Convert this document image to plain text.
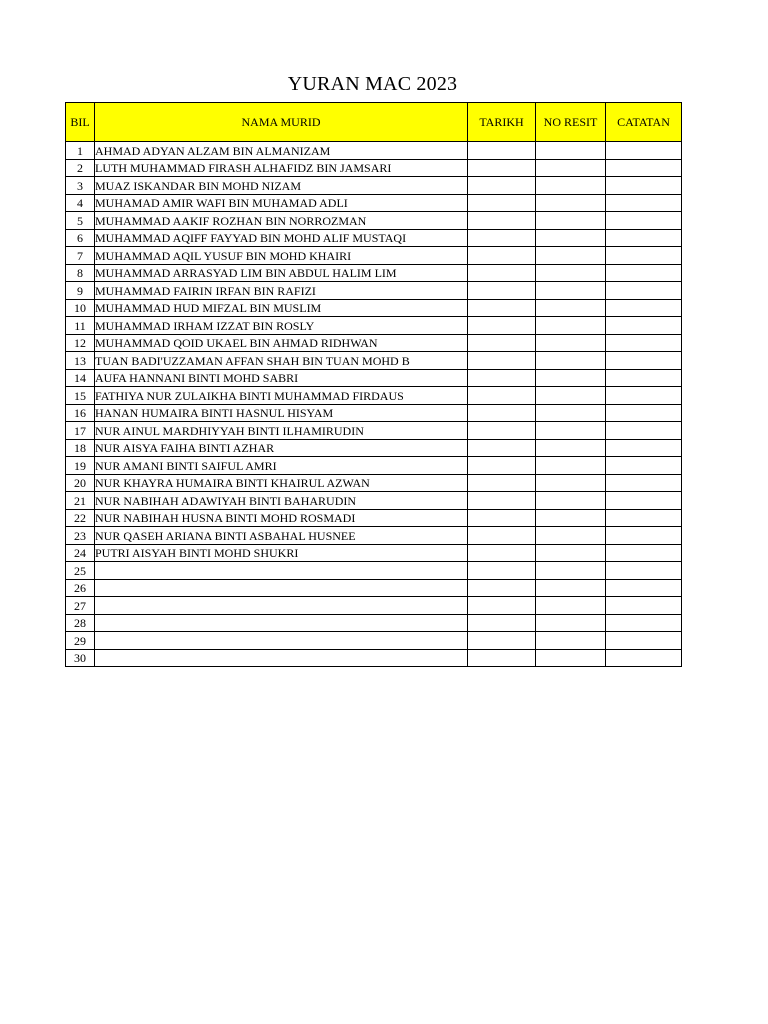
YURAN MAC 2023
BIL	NAMA MURID	TARIKH	NO RESIT	CATATAN
1	AHMAD ADYAN ALZAM BIN ALMANIZAM			
2	LUTH MUHAMMAD FIRASH ALHAFIDZ BIN JAMSARI			
3	MUAZ ISKANDAR BIN MOHD NIZAM			
4	MUHAMAD AMIR WAFI BIN MUHAMAD ADLI			
5	MUHAMMAD AAKIF ROZHAN BIN NORROZMAN			
6	MUHAMMAD AQIFF FAYYAD BIN MOHD ALIF MUSTAQI			
7	MUHAMMAD AQIL YUSUF BIN MOHD KHAIRI			
8	MUHAMMAD ARRASYAD LIM BIN ABDUL HALIM LIM			
9	MUHAMMAD FAIRIN IRFAN BIN RAFIZI			
10	MUHAMMAD HUD MIFZAL BIN MUSLIM			
11	MUHAMMAD IRHAM IZZAT BIN ROSLY			
12	MUHAMMAD QOID UKAEL BIN AHMAD RIDHWAN			
13	TUAN BADI'UZZAMAN AFFAN SHAH BIN TUAN MOHD B			
14	AUFA HANNANI BINTI MOHD SABRI			
15	FATHIYA NUR ZULAIKHA BINTI MUHAMMAD FIRDAUS			
16	HANAN HUMAIRA BINTI HASNUL HISYAM			
17	NUR AINUL MARDHIYYAH BINTI ILHAMIRUDIN			
18	NUR AISYA FAIHA BINTI AZHAR			
19	NUR AMANI BINTI SAIFUL AMRI			
20	NUR KHAYRA HUMAIRA BINTI KHAIRUL AZWAN			
21	NUR NABIHAH ADAWIYAH BINTI BAHARUDIN			
22	NUR NABIHAH HUSNA BINTI MOHD ROSMADI			
23	NUR QASEH ARIANA BINTI ASBAHAL HUSNEE			
24	PUTRI AISYAH BINTI MOHD SHUKRI			
25				
26				
27				
28				
29				
30				
